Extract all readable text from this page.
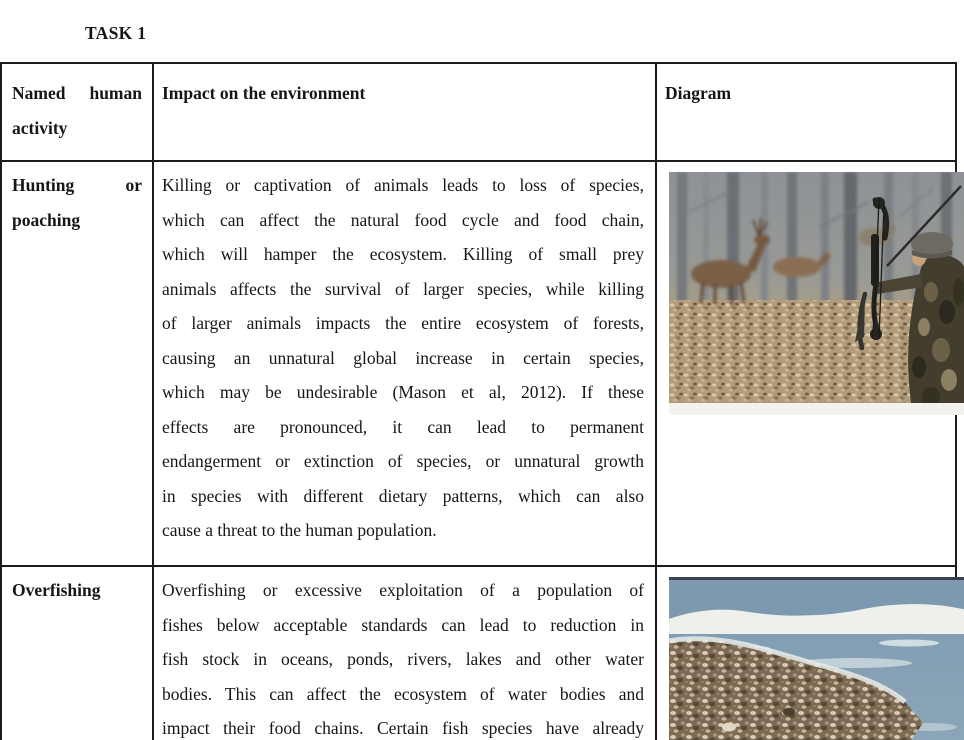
TASK 1
Named human
activity
Impact on the environment	Diagram
Hunting or
poaching
Killing or captivation of animals leads to loss of species,
which can affect the natural food cycle and food chain,
which will hamper the ecosystem. Killing of small prey
animals affects the survival of larger species, while killing
of larger animals impacts the entire ecosystem of forests,
causing an unnatural global increase in certain species,
which may be undesirable (Mason et al, 2012). If these
effects are pronounced, it can lead to permanent
endangerment or extinction of species, or unnatural growth
in species with different dietary patterns, which can also
cause a threat to the human population.
Overfishing	Overfishing or excessive exploitation of a population of
fishes below acceptable standards can lead to reduction in
fish stock in oceans, ponds, rivers, lakes and other water
bodies. This can affect the ecosystem of water bodies and
impact their food chains. Certain fish species have already
